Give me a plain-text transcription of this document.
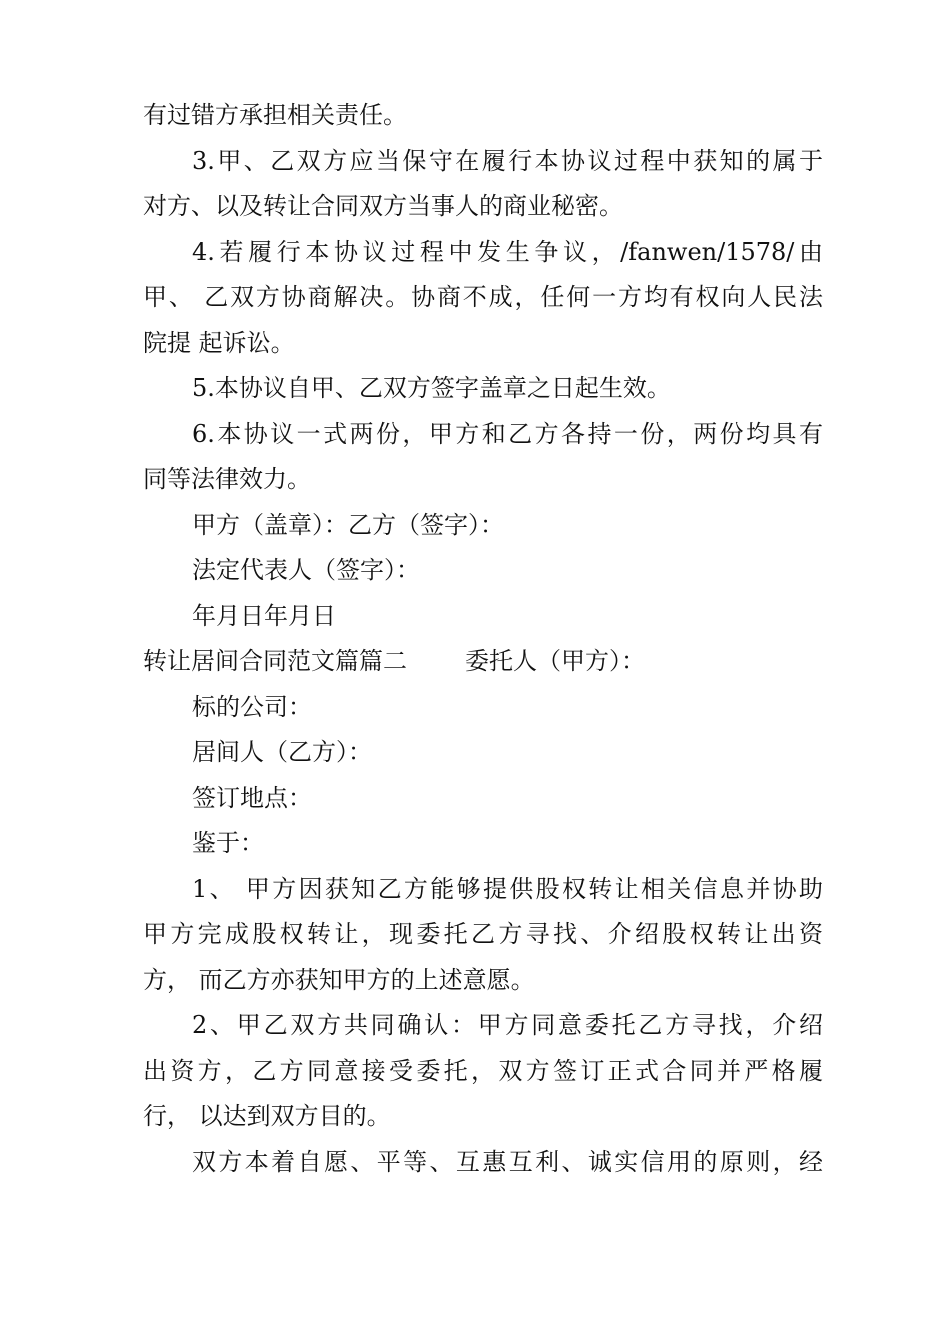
有过错方承担相关责任。
3.甲、乙双方应当保守在履行本协议过程中获知的属于
对方、以及转让合同双方当事人的商业秘密。
4.若履行本协议过程中发生争议，/fanwen/1578/由
甲、 乙双方协商解决。协商不成，任何一方均有权向人民法
院提 起诉讼。
5.本协议自甲、乙双方签字盖章之日起生效。
6.本协议一式两份，甲方和乙方各持一份，两份均具有
同等法律效力。
甲方（盖章）：乙方（签字）：
法定代表人（签字）：
年月日年月日
转让居间合同范文篇篇二 委托人（甲方）：
标的公司：
居间人（乙方）：
签订地点：
鉴于：
1、 甲方因获知乙方能够提供股权转让相关信息并协助
甲方完成股权转让，现委托乙方寻找、介绍股权转让出资
方， 而乙方亦获知甲方的上述意愿。
2、甲乙双方共同确认：甲方同意委托乙方寻找，介绍
出资方，乙方同意接受委托，双方签订正式合同并严格履
行， 以达到双方目的。
双方本着自愿、平等、互惠互利、诚实信用的原则，经
